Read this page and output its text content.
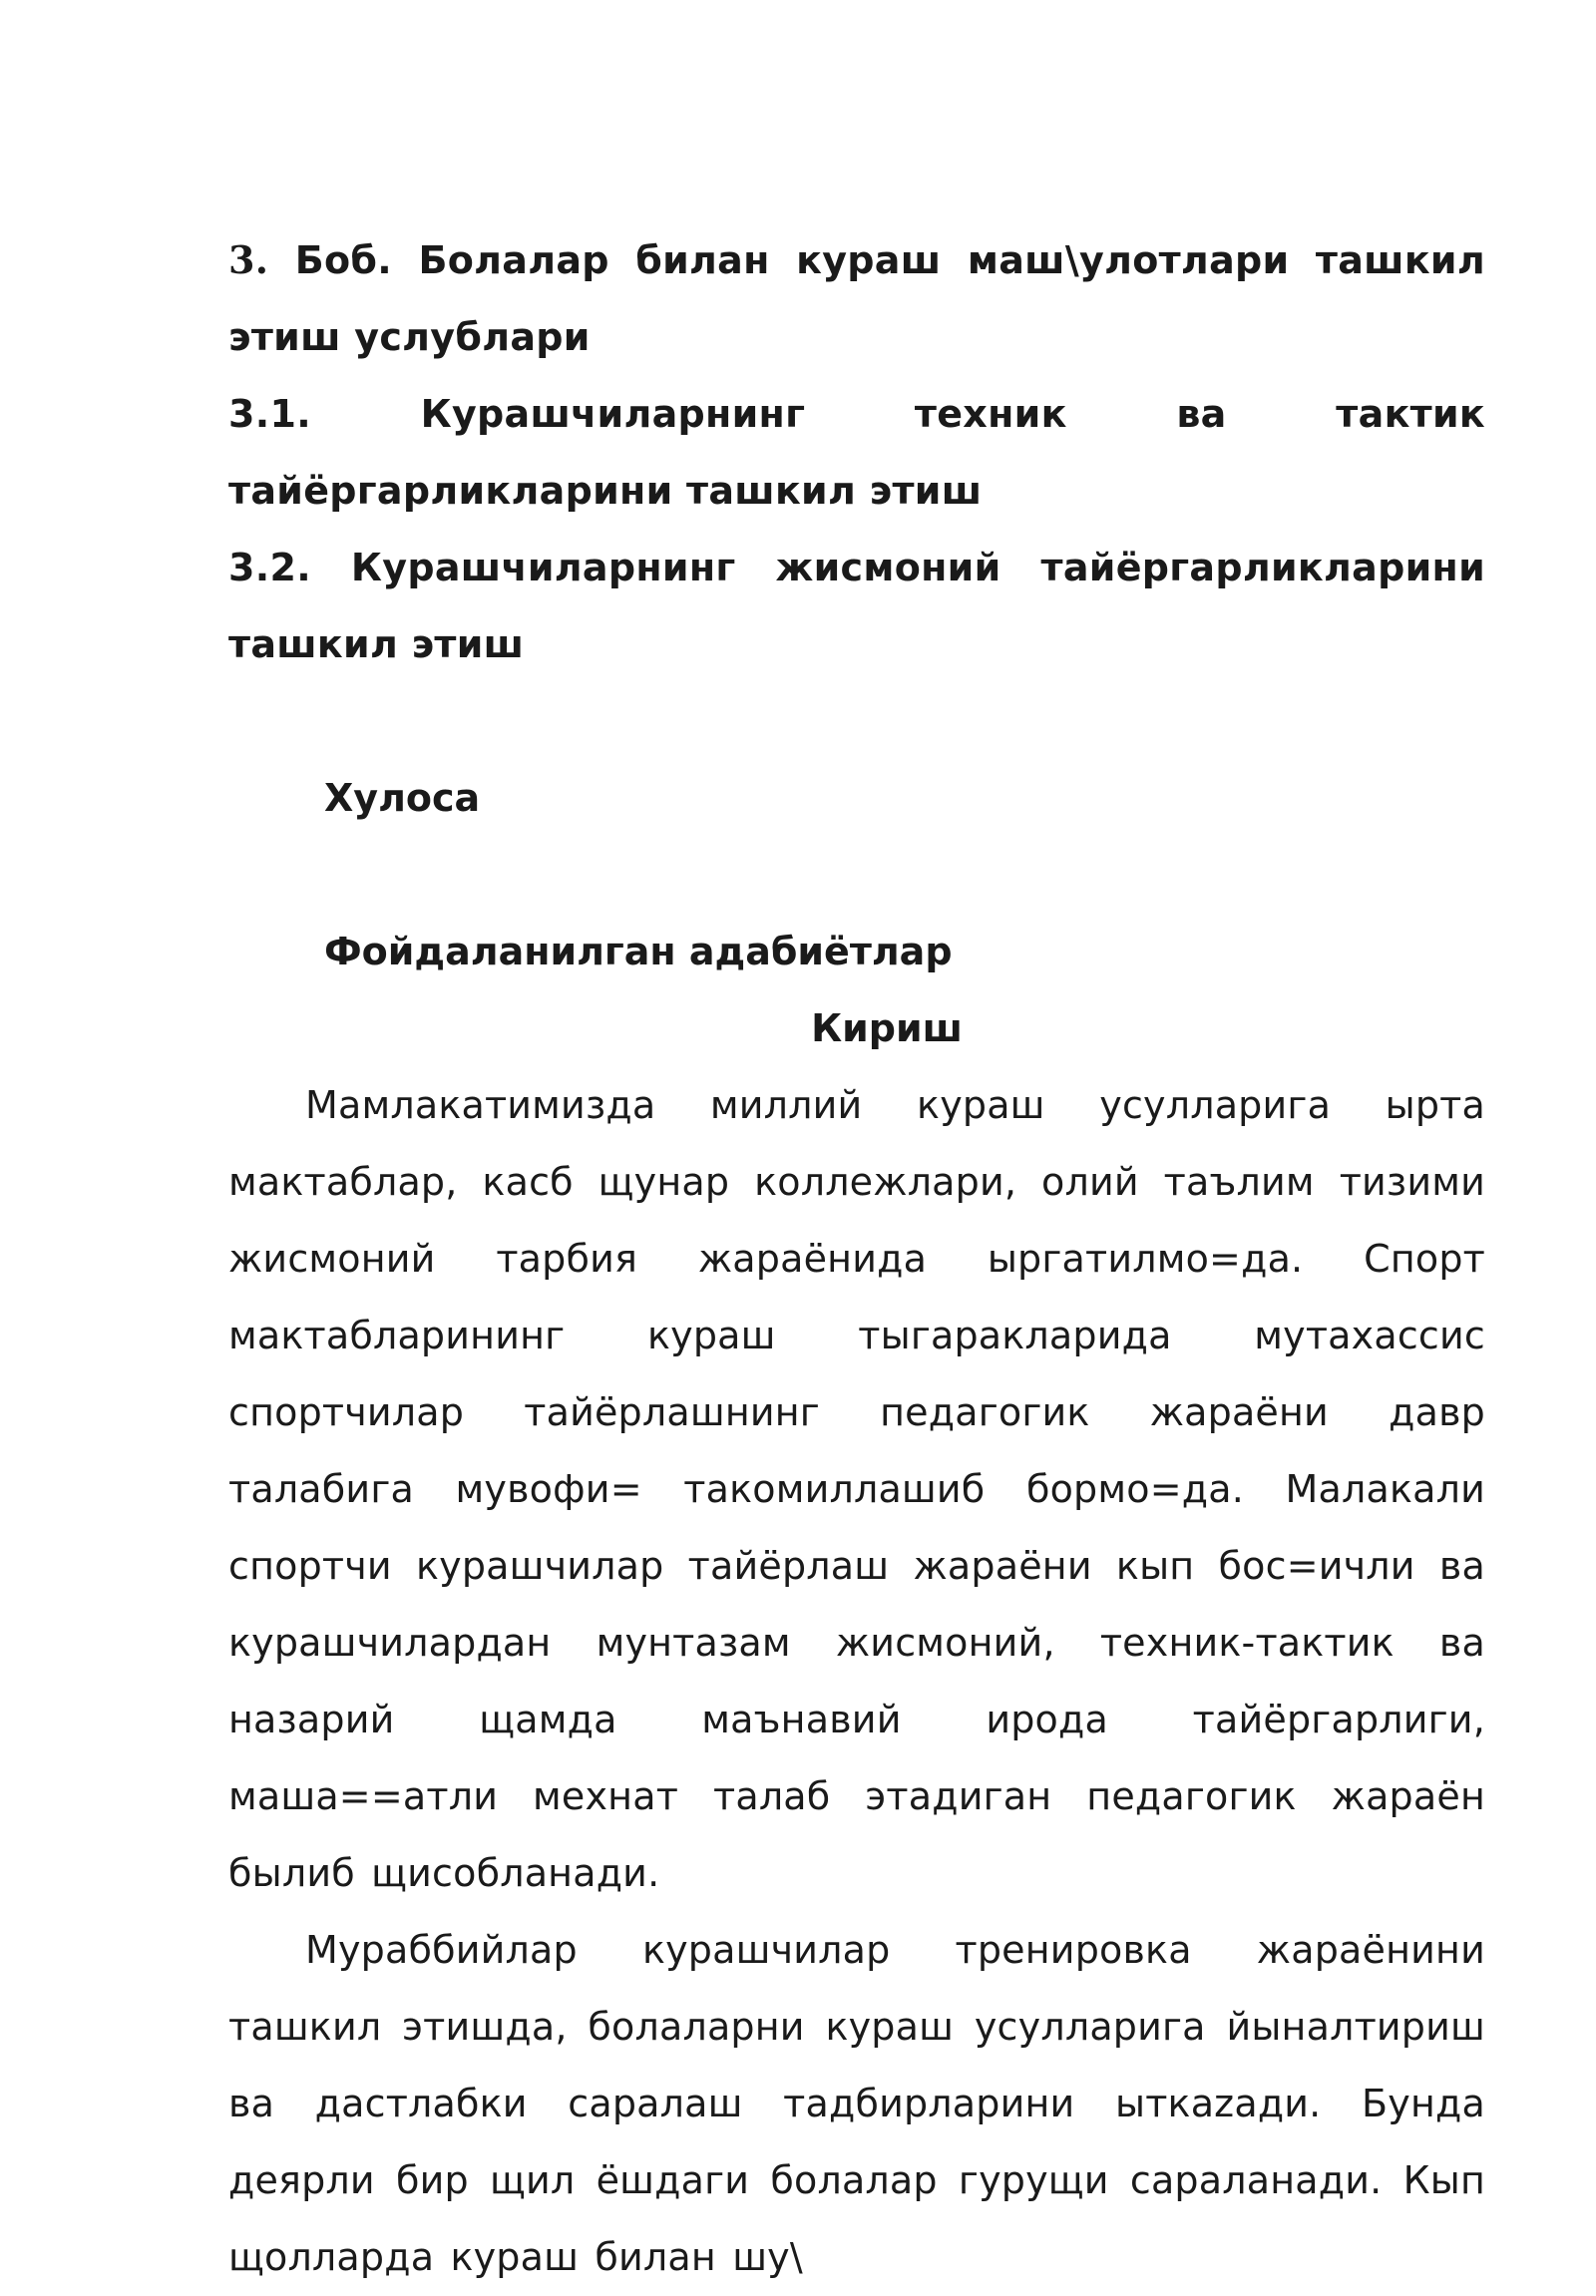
3. Боб. Болалар билан кураш маш\улотлари ташкил этиш услублари

3.1. Курашчиларнинг техник ва тактик тайёргарликларини ташкил этиш

3.2. Курашчиларнинг жисмоний тайёргарликларини ташкил этиш

Хулоса

Фойдаланилган адабиётлар

Кириш

Мамлакатимизда миллий кураш усулларига ырта мактаблар, касб щунар коллежлари, олий таълим тизими жисмоний тарбия жараёнида ыргатилмо=да. Спорт мактабларининг кураш тыгаракларида мутахассис спортчилар тайёрлашнинг педагогик жараёни давр талабига мувофи= такомиллашиб бормо=да. Малакали спортчи курашчилар тайёрлаш жараёни кып бос=ичли ва курашчилардан мунтазам жисмоний, техник-тактик ва назарий щамда маънавий ирода тайёргарлиги, маша==атли мехнат талаб этадиган педагогик жараён былиб щисобланади.

Мураббийлар курашчилар тренировка жараёнини ташкил этишда, болаларни кураш усулларига йыналтириш ва дастлабки саралаш тадбирларини ыткazади. Бунда деярли бир щил ёшдаги болалар гурущи сараланади. Кып щолларда кураш билан шу\
